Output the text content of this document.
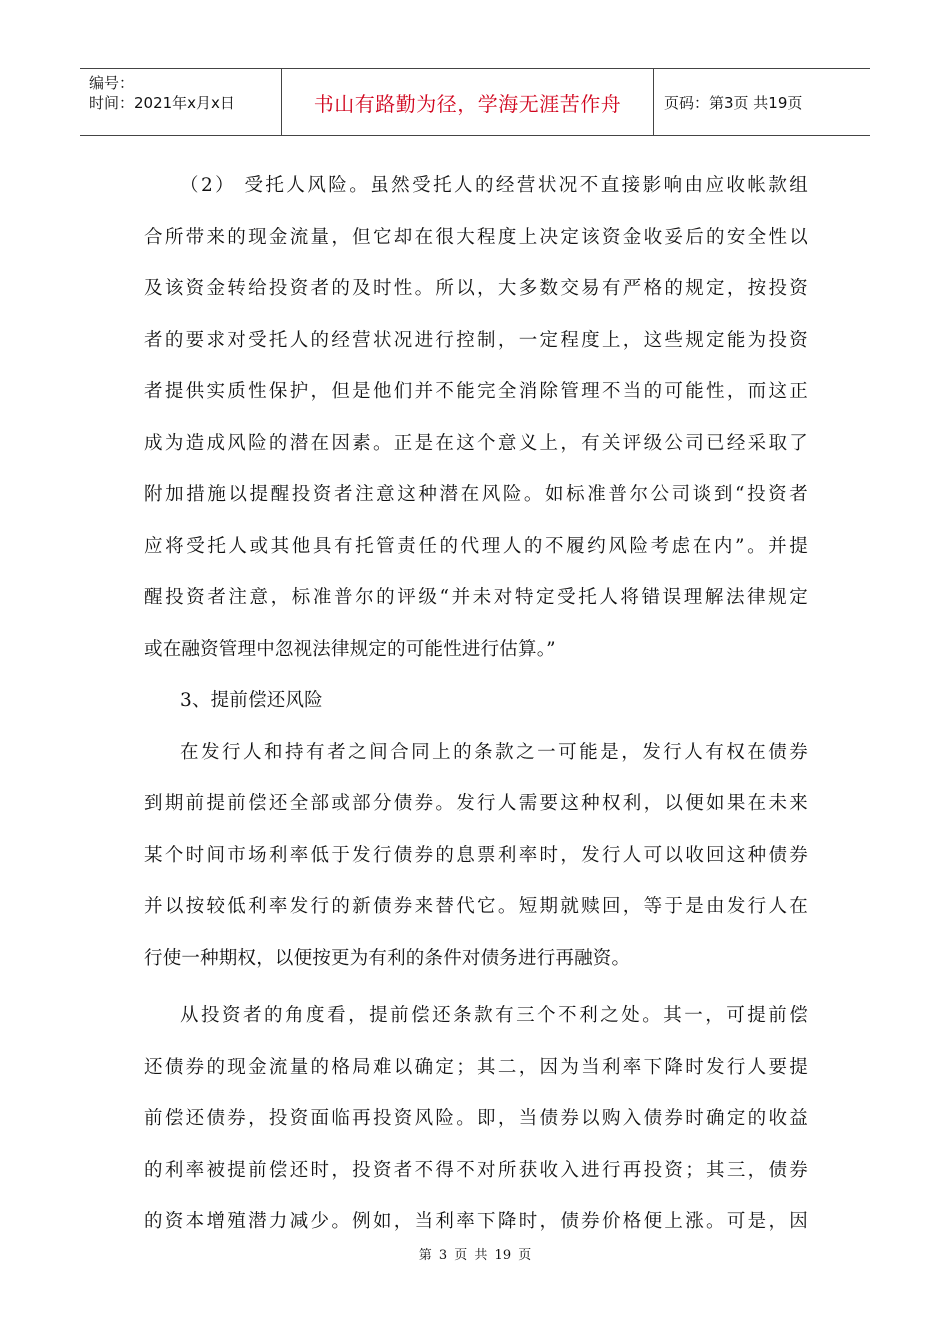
编号：
时间：2021年x月x日	书山有路勤为径，学海无涯苦作舟	页码：第3页 共19页
（2） 受托人风险。虽然受托人的经营状况不直接影响由应收帐款组
合所带来的现金流量，但它却在很大程度上决定该资金收妥后的安全性以
及该资金转给投资者的及时性。所以，大多数交易有严格的规定，按投资
者的要求对受托人的经营状况进行控制，一定程度上，这些规定能为投资
者提供实质性保护，但是他们并不能完全消除管理不当的可能性，而这正
成为造成风险的潜在因素。正是在这个意义上，有关评级公司已经采取了
附加措施以提醒投资者注意这种潜在风险。如标准普尔公司谈到“投资者
应将受托人或其他具有托管责任的代理人的不履约风险考虑在内”。并提
醒投资者注意，标准普尔的评级“并未对特定受托人将错误理解法律规定
或在融资管理中忽视法律规定的可能性进行估算。”
3、提前偿还风险
在发行人和持有者之间合同上的条款之一可能是，发行人有权在债券
到期前提前偿还全部或部分债券。发行人需要这种权利，以便如果在未来
某个时间市场利率低于发行债券的息票利率时，发行人可以收回这种债券
并以按较低利率发行的新债券来替代它。短期就赎回，等于是由发行人在
行使一种期权，以便按更为有利的条件对债务进行再融资。
从投资者的角度看，提前偿还条款有三个不利之处。其一，可提前偿
还债券的现金流量的格局难以确定；其二，因为当利率下降时发行人要提
前偿还债券，投资面临再投资风险。即，当债券以购入债券时确定的收益
的利率被提前偿还时，投资者不得不对所获收入进行再投资；其三，债券
的资本增殖潜力减少。例如，当利率下降时，债券价格便上涨。可是，因
第 3 页 共 19 页
